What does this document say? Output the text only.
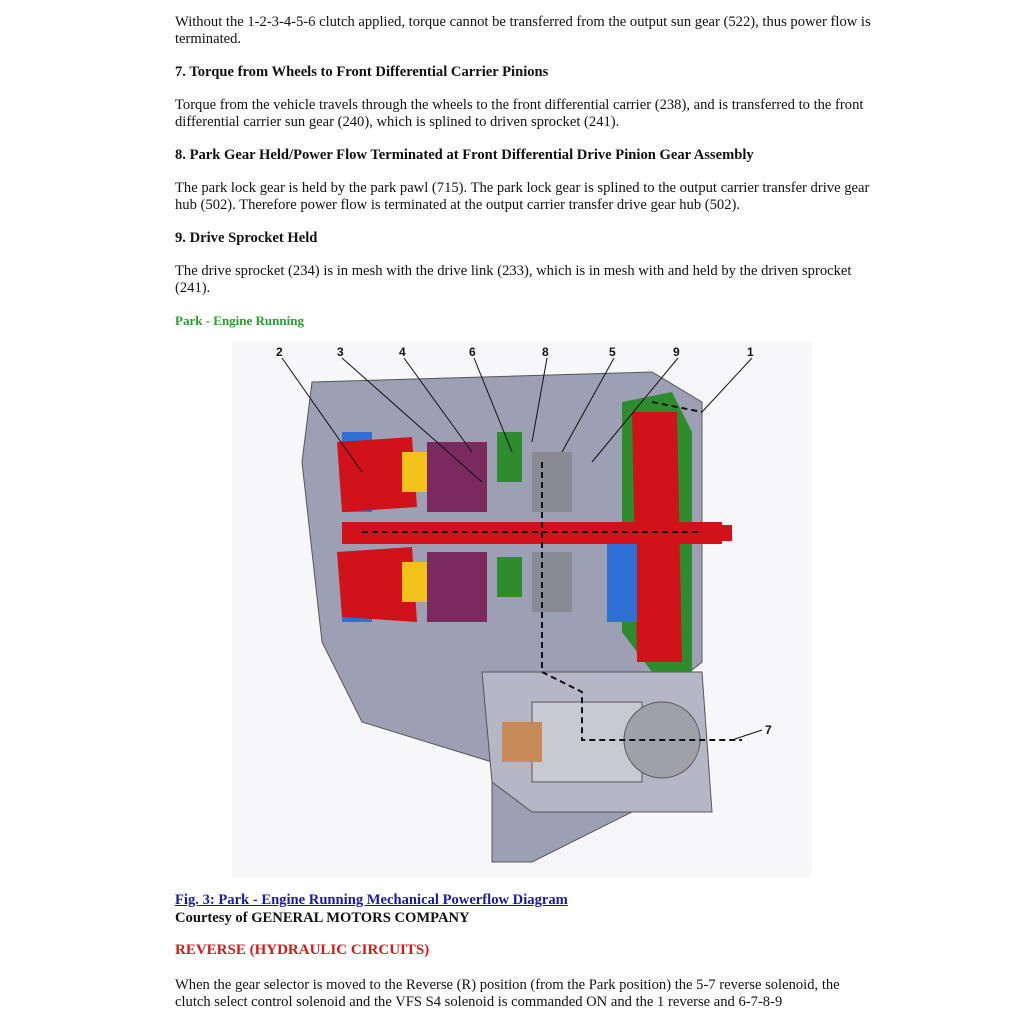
Without the 1-2-3-4-5-6 clutch applied, torque cannot be transferred from the output sun gear (522), thus power flow is terminated.

7. Torque from Wheels to Front Differential Carrier Pinions

Torque from the vehicle travels through the wheels to the front differential carrier (238), and is transferred to the front differential carrier sun gear (240), which is splined to driven sprocket (241).

8. Park Gear Held/Power Flow Terminated at Front Differential Drive Pinion Gear Assembly

The park lock gear is held by the park pawl (715). The park lock gear is splined to the output carrier transfer drive gear hub (502). Therefore power flow is terminated at the output carrier transfer drive gear hub (502).

9. Drive Sprocket Held

The drive sprocket (234) is in mesh with the drive link (233), which is in mesh with and held by the driven sprocket (241).

Park - Engine Running
2	3	4	6	8	5	9	1
7
Fig. 3: Park - Engine Running Mechanical Powerflow Diagram
Courtesy of GENERAL MOTORS COMPANY
REVERSE (HYDRAULIC CIRCUITS)

When the gear selector is moved to the Reverse (R) position (from the Park position) the 5-7 reverse solenoid, the clutch select control solenoid and the VFS S4 solenoid is commanded ON and the 1 reverse and 6-7-8-9
